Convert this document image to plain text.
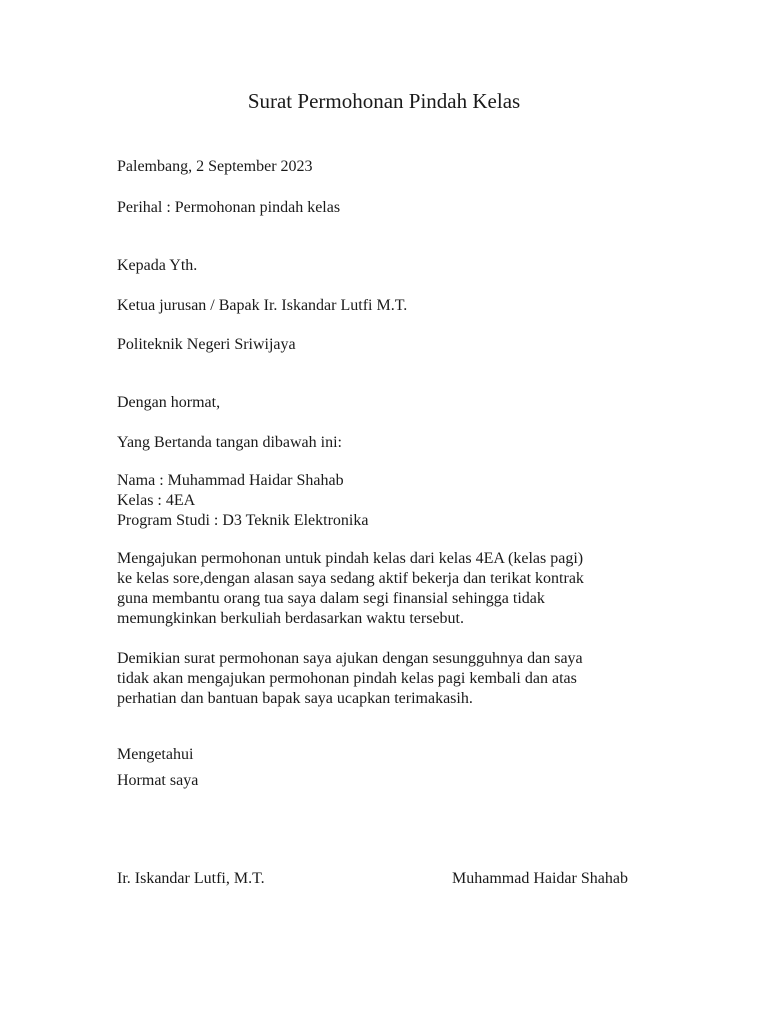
Surat Permohonan Pindah Kelas
Palembang, 2 September 2023
Perihal : Permohonan pindah kelas
Kepada Yth.
Ketua jurusan / Bapak Ir. Iskandar Lutfi M.T.
Politeknik Negeri Sriwijaya
Dengan hormat,
Yang Bertanda tangan dibawah ini:
Nama : Muhammad Haidar Shahab
Kelas : 4EA
Program Studi : D3 Teknik Elektronika
Mengajukan permohonan untuk pindah kelas dari kelas 4EA (kelas pagi)
ke kelas sore,dengan alasan saya sedang aktif bekerja dan terikat kontrak
guna membantu orang tua saya dalam segi finansial sehingga tidak
memungkinkan berkuliah berdasarkan waktu tersebut.
Demikian surat permohonan saya ajukan dengan sesungguhnya dan saya
tidak akan mengajukan permohonan pindah kelas pagi kembali dan atas
perhatian dan bantuan bapak saya ucapkan terimakasih.
Mengetahui
Hormat saya
Ir. Iskandar Lutfi, M.T.	Muhammad Haidar Shahab
